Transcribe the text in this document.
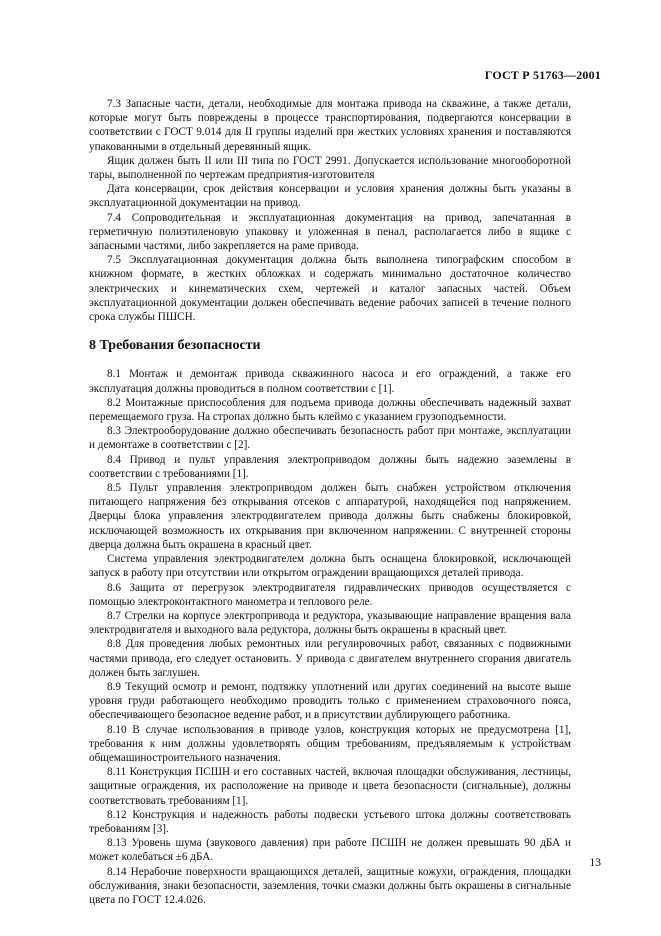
ГОСТ Р 51763—2001

7.3 Запасные части, детали, необходимые для монтажа привода на скважине, а также детали, которые могут быть повреждены в процессе транспортирования, подвергаются консервации в соответствии с ГОСТ 9.014 для II группы изделий при жестких условиях хранения и поставляются упакованными в отдельный деревянный ящик.

Ящик должен быть II или III типа по ГОСТ 2991. Допускается использование многооборотной тары, выполненной по чертежам предприятия-изготовителя

Дата консервации, срок действия консервации и условия хранения должны быть указаны в эксплуатационной документации на привод.

7.4 Сопроводительная и эксплуатационная документация на привод, запечатанная в герметичную полиэтиленовую упаковку и уложенная в пенал, располагается либо в ящике с запасными частями, либо закрепляется на раме привода.

7.5 Эксплуатационная документация должна быть выполнена типографским способом в книжном формате, в жестких обложках и содержать минимально достаточное количество электрических и кинематических схем, чертежей и каталог запасных частей. Объем эксплуатационной документации должен обеспечивать ведение рабочих записей в течение полного срока службы ПШСН.

8 Требования безопасности

8.1 Монтаж и демонтаж привода скважинного насоса и его ограждений, а также его эксплуатация должны проводиться в полном соответствии с [1].

8.2 Монтажные приспособления для подъема привода должны обеспечивать надежный захват перемещаемого груза. На стропах должно быть клеймо с указанием грузоподъемности.

8.3 Электрооборудование должно обеспечивать безопасность работ при монтаже, эксплуатации и демонтаже в соответствии с [2].

8.4 Привод и пульт управления электроприводом должны быть надежно заземлены в соответствии с требованиями [1].

8.5 Пульт управления электроприводом должен быть снабжен устройством отключения питающего напряжения без открывания отсеков с аппаратурой, находящейся под напряжением. Дверцы блока управления электродвигателем привода должны быть снабжены блокировкой, исключающей возможность их открывания при включенном напряжении. С внутренней стороны дверца должна быть окрашена в красный цвет.

Система управления электродвигателем должна быть оснащена блокировкой, исключающей запуск в работу при отсутствии или открытом ограждении вращающихся деталей привода.

8.6 Защита от перегрузок электродвигателя гидравлических приводов осуществляется с помощью электроконтактного манометра и теплового реле.

8.7 Стрелки на корпусе электропривода и редуктора, указывающие направление вращения вала электродвигателя и выходного вала редуктора, должны быть окрашены в красный цвет.

8.8 Для проведения любых ремонтных или регулировочных работ, связанных с подвижными частями привода, его следует остановить. У привода с двигателем внутреннего сгорания двигатель должен быть заглушен.

8.9 Текущий осмотр и ремонт, подтяжку уплотнений или других соединений на высоте выше уровня груди работающего необходимо проводить только с применением страховочного пояса, обеспечивающего безопасное ведение работ, и в присутствии дублирующего работника.

8.10 В случае использования в приводе узлов, конструкция которых не предусмотрена [1], требования к ним должны удовлетворять общим требованиям, предъявляемым к устройствам общемашиностроительного назначения.

8.11 Конструкция ПСШН и его составных частей, включая площадки обслуживания, лестницы, защитные ограждения, их расположение на приводе и цвета безопасности (сигнальные), должны соответствовать требованиям [1].

8.12 Конструкция и надежность работы подвески устьевого штока должны соответствовать требованиям [3].

8.13 Уровень шума (звукового давления) при работе ПСШН не должен превышать 90 дБА и может колебаться ±6 дБА.

8.14 Нерабочие поверхности вращающихся деталей, защитные кожухи, ограждения, площадки обслуживания, знаки безопасности, заземления, точки смазки должны быть окрашены в сигнальные цвета по ГОСТ 12.4.026.

13
